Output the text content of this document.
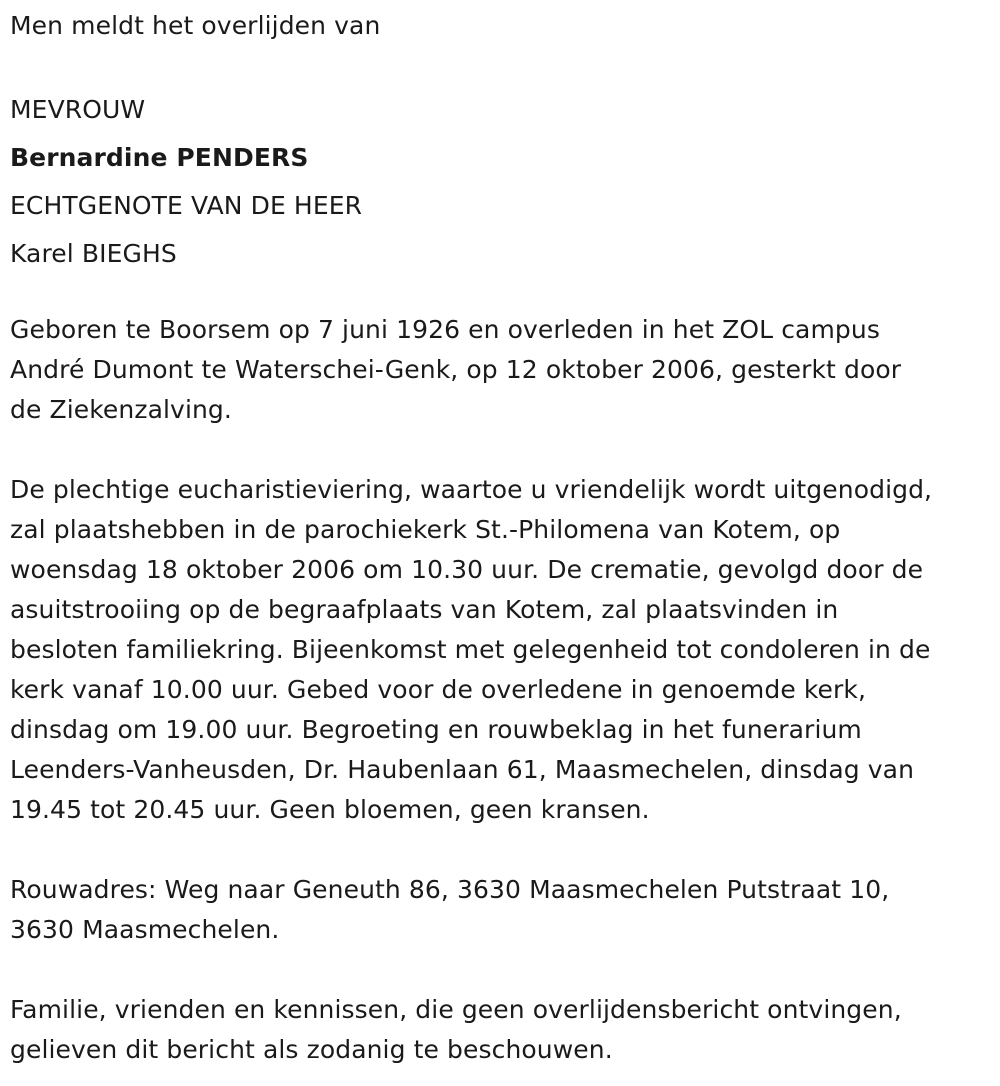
Men meldt het overlijden van
MEVROUW
Bernardine PENDERS
ECHTGENOTE VAN DE HEER
Karel BIEGHS
Geboren te Boorsem op 7 juni 1926 en overleden in het ZOL campus
André Dumont te Waterschei-Genk, op 12 oktober 2006, gesterkt door
de Ziekenzalving.
De plechtige eucharistieviering, waartoe u vriendelijk wordt uitgenodigd,
zal plaatshebben in de parochiekerk St.-Philomena van Kotem, op
woensdag 18 oktober 2006 om 10.30 uur. De crematie, gevolgd door de
asuitstrooiing op de begraafplaats van Kotem, zal plaatsvinden in
besloten familiekring. Bijeenkomst met gelegenheid tot condoleren in de
kerk vanaf 10.00 uur. Gebed voor de overledene in genoemde kerk,
dinsdag om 19.00 uur. Begroeting en rouwbeklag in het funerarium
Leenders-Vanheusden, Dr. Haubenlaan 61, Maasmechelen, dinsdag van
19.45 tot 20.45 uur. Geen bloemen, geen kransen.
Rouwadres: Weg naar Geneuth 86, 3630 Maasmechelen Putstraat 10,
3630 Maasmechelen.
Familie, vrienden en kennissen, die geen overlijdensbericht ontvingen,
gelieven dit bericht als zodanig te beschouwen.
